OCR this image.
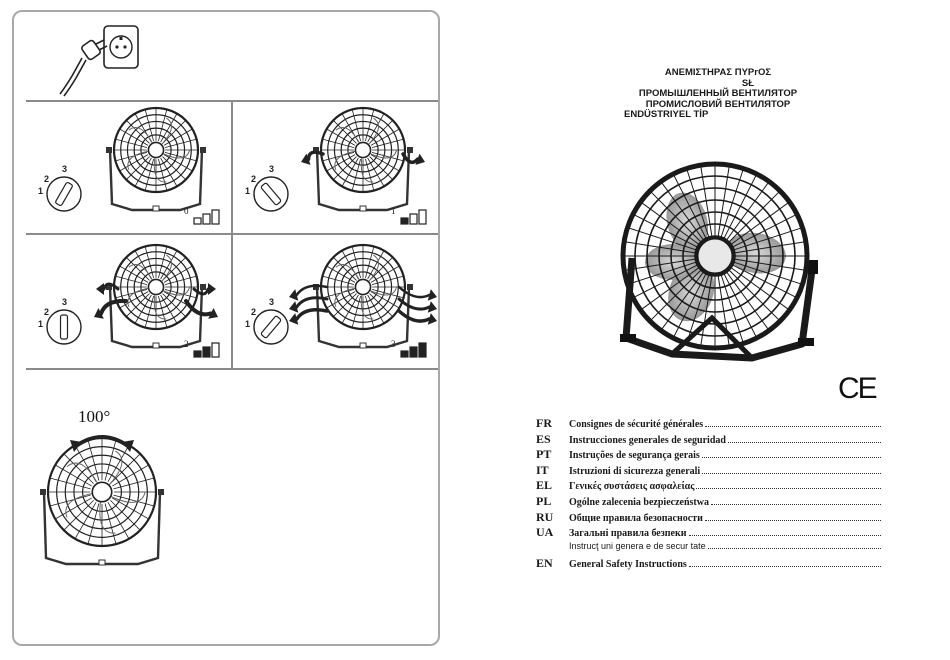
1
2
3
0
1
2
3
1
1
2
3
2
1
2
3
3
100°
ΑΝΕΜΙΣΤΗΡΑΣ ΠΥΡrΟΣ
SŁ
ПРОМЫШЛЕННЫЙ ВЕНТИЛЯТОР
ПРОМИСЛОВИЙ ВЕНТИЛЯТОР
ENDÜSTRIYEL TİP
CE
FR	Consignes de sécurité générales
ES	Instrucciones generales de seguridad
PT	Instruções de segurança gerais
IT	Istruzioni di sicurezza generali
EL	Γενικές συστάσεις ασφαλείας
PL	Ogólne zalecenia bezpieczeństwa
RU	Общие правила безопасности
UA	Загальні правила безпеки
Instrucţ uni genera e de secur tate
EN	General Safety Instructions
